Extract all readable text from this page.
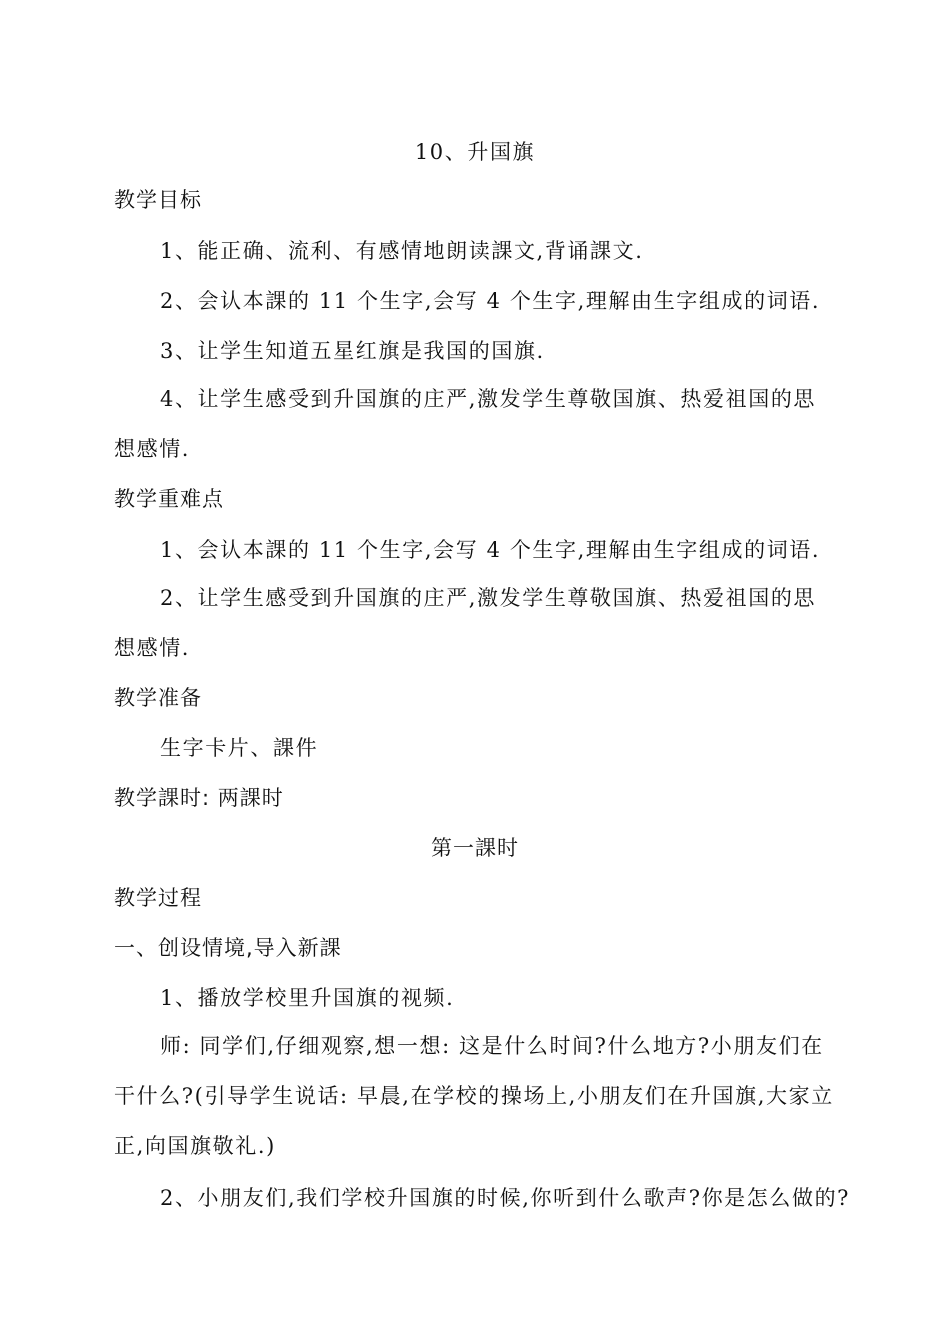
10、升国旗
教学目标
1、能正确、流利、有感情地朗读課文,背诵課文.
2、会认本課的 11 个生字,会写 4 个生字,理解由生字组成的词语.
3、让学生知道五星红旗是我国的国旗.
4、让学生感受到升国旗的庄严,激发学生尊敬国旗、热爱祖国的思想感情.
教学重难点
1、会认本課的 11 个生字,会写 4 个生字,理解由生字组成的词语.
2、让学生感受到升国旗的庄严,激发学生尊敬国旗、热爱祖国的思想感情.
教学准备
生字卡片、課件
教学課时: 两課时
第一課时
教学过程
一、创设情境,导入新課
1、播放学校里升国旗的视频.
师: 同学们,仔细观察,想一想: 这是什么时间?什么地方?小朋友们在干什么?(引导学生说话: 早晨,在学校的操场上,小朋友们在升国旗,大家立正,向国旗敬礼.)
2、小朋友们,我们学校升国旗的时候,你听到什么歌声?你是怎么做的?
